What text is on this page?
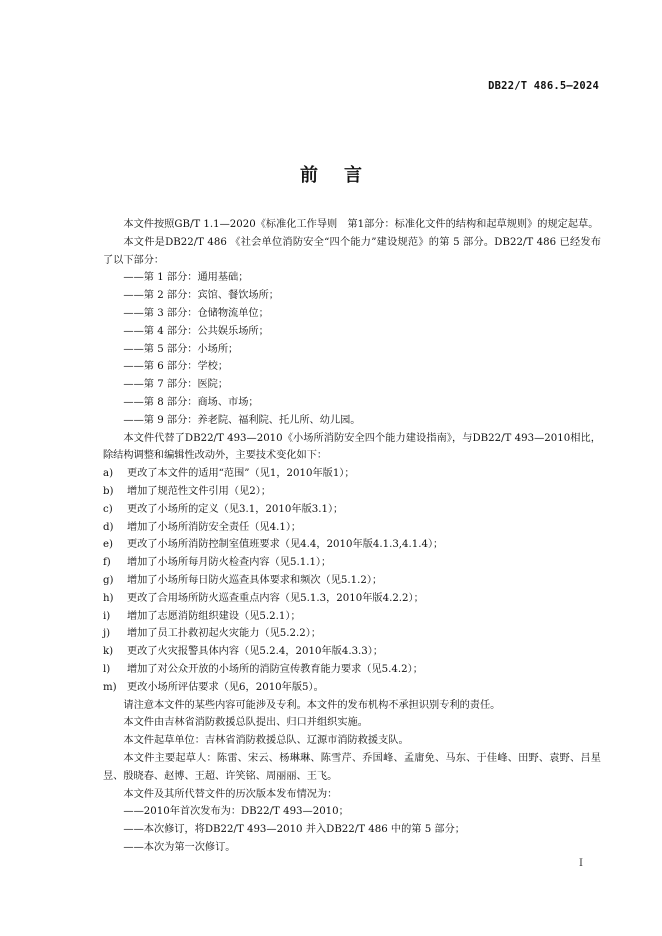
DB22/T 486.5—2024
前言
本文件按照GB/T 1.1—2020《标准化工作导则　第1部分：标准化文件的结构和起草规则》的规定起草。
本文件是DB22/T 486 《社会单位消防安全“四个能力”建设规范》的第 5 部分。DB22/T 486 已经发布了以下部分：
——第 1 部分：通用基础；
——第 2 部分：宾馆、餐饮场所；
——第 3 部分：仓储物流单位；
——第 4 部分：公共娱乐场所；
——第 5 部分：小场所；
——第 6 部分：学校；
——第 7 部分：医院；
——第 8 部分：商场、市场；
——第 9 部分：养老院、福利院、托儿所、幼儿园。
本文件代替了DB22/T 493—2010《小场所消防安全四个能力建设指南》，与DB22/T 493—2010相比，除结构调整和编辑性改动外，主要技术变化如下：
a) 更改了本文件的适用“范围”（见1，2010年版1）；
b) 增加了规范性文件引用（见2）；
c) 更改了小场所的定义（见3.1，2010年版3.1）；
d) 增加了小场所消防安全责任（见4.1）；
e) 更改了小场所消防控制室值班要求（见4.4，2010年版4.1.3,4.1.4）；
f) 增加了小场所每月防火检查内容（见5.1.1）；
g) 增加了小场所每日防火巡查具体要求和频次（见5.1.2）；
h) 更改了合用场所防火巡查重点内容（见5.1.3，2010年版4.2.2）；
i) 增加了志愿消防组织建设（见5.2.1）；
j) 增加了员工扑救初起火灾能力（见5.2.2）；
k) 更改了火灾报警具体内容（见5.2.4，2010年版4.3.3）；
l) 增加了对公众开放的小场所的消防宣传教育能力要求（见5.4.2）；
m) 更改小场所评估要求（见6，2010年版5）。
请注意本文件的某些内容可能涉及专利。本文件的发布机构不承担识别专利的责任。
本文件由吉林省消防救援总队提出、归口并组织实施。
本文件起草单位：吉林省消防救援总队、辽源市消防救援支队。
本文件主要起草人：陈雷、宋云、杨琳琳、陈雪芹、乔国峰、孟庸免、马东、于佳峰、田野、袁野、吕星昱、殷晓春、赵博、王超、许笑铭、周丽丽、王飞。
本文件及其所代替文件的历次版本发布情况为：
——2010年首次发布为：DB22/T 493—2010；
——本次修订，将DB22/T 493—2010 并入DB22/T 486 中的第 5 部分；
——本次为第一次修订。
I
